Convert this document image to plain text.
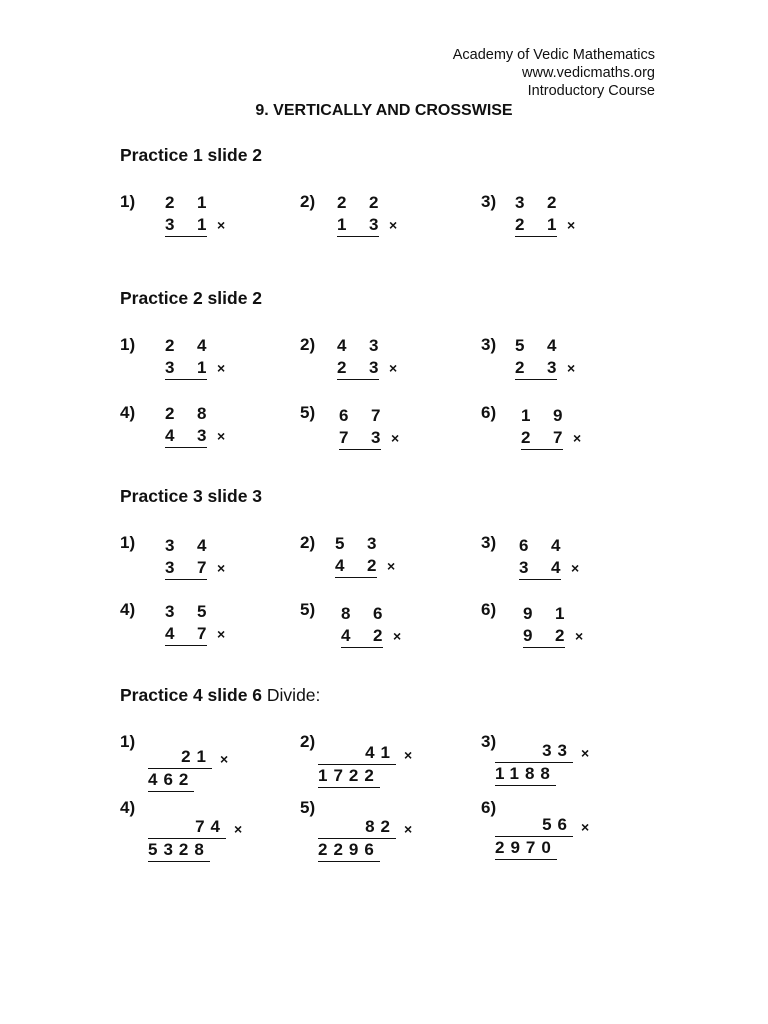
Academy of Vedic Mathematics
www.vedicmaths.org
Introductory Course
9. VERTICALLY AND CROSSWISE
Practice 1 slide 2
Practice 2 slide 2
Practice 3 slide 3
Practice 4 slide 6 Divide:
1) 2	1
3	1 ×
2) 2	2
1	3 ×
3) 3	2
2	1 ×
1) 2	4
3	1 ×
2) 4	3
2	3 ×
3) 5	4
2	3 ×
4) 2	8
4	3 ×
5) 6	7
7	3 ×
6) 1	9
2	7 ×
1) 3	4
3	7 ×
2) 5	3
4	2 ×
3) 6	4
3	4 ×
4) 3	5
4	7 ×
5) 8	6
4	2 ×
6) 9	1
9	2 ×
1)
21
462
×
2)
41
1722
×
3)	33
1188
×
4)
74
5328
×
5)
82
2296
×
6)
56
2970
×
